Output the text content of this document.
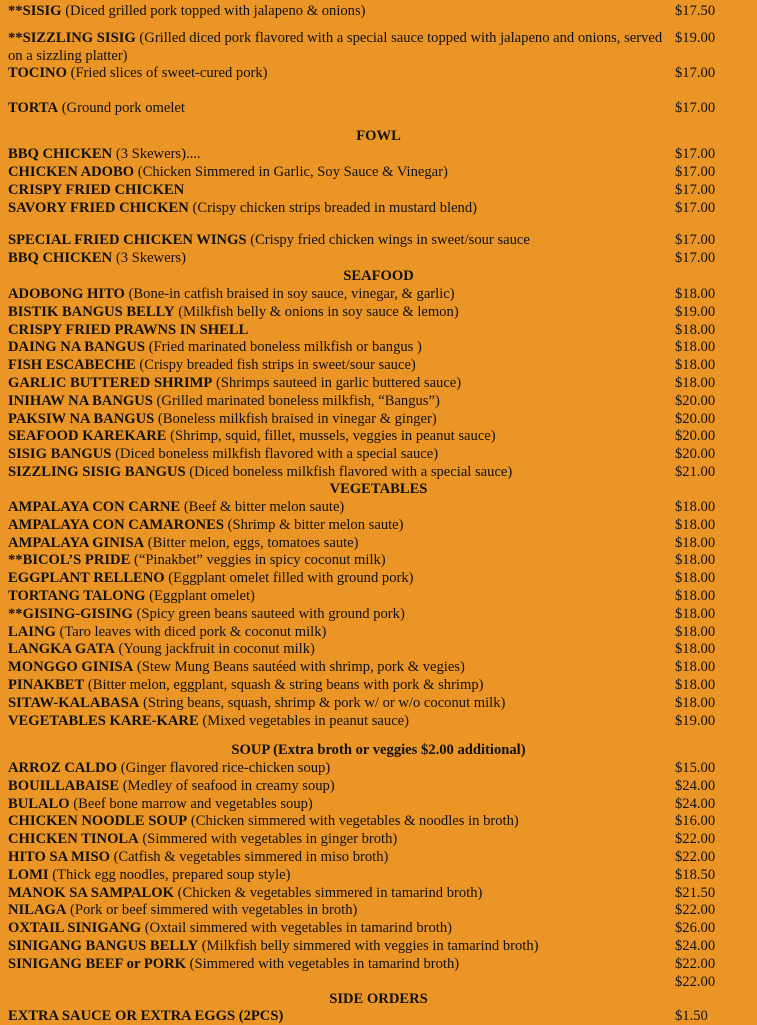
**SISIG (Diced grilled pork topped with jalapeno & onions)	$17.50
**SIZZLING SISIG (Grilled diced pork flavored with a special sauce topped with jalapeno and onions, served on a sizzling platter)
$19.00
TOCINO (Fried slices of sweet-cured pork)	$17.00
TORTA (Ground pork omelet	$17.00
FOWL
BBQ CHICKEN (3 Skewers)....	$17.00
CHICKEN ADOBO (Chicken Simmered in Garlic, Soy Sauce & Vinegar)	$17.00
CRISPY FRIED CHICKEN	$17.00
SAVORY FRIED CHICKEN (Crispy chicken strips breaded in mustard blend)	$17.00
SPECIAL FRIED CHICKEN WINGS (Crispy fried chicken wings in sweet/sour sauce	$17.00
BBQ CHICKEN (3 Skewers)	$17.00
SEAFOOD
ADOBONG HITO (Bone-in catfish braised in soy sauce, vinegar, & garlic)	$18.00
BISTIK BANGUS BELLY (Milkfish belly & onions in soy sauce & lemon)	$19.00
CRISPY FRIED PRAWNS IN SHELL	$18.00
DAING NA BANGUS (Fried marinated boneless milkfish or bangus )	$18.00
FISH ESCABECHE (Crispy breaded fish strips in sweet/sour sauce)	$18.00
GARLIC BUTTERED SHRIMP (Shrimps sauteed in garlic buttered sauce)	$18.00
INIHAW NA BANGUS (Grilled marinated boneless milkfish, “Bangus”)	$20.00
PAKSIW NA BANGUS (Boneless milkfish braised in vinegar & ginger)	$20.00
SEAFOOD KAREKARE (Shrimp, squid, fillet, mussels, veggies in peanut sauce)	$20.00
SISIG BANGUS (Diced boneless milkfish flavored with a special sauce)	$20.00
SIZZLING SISIG BANGUS (Diced boneless milkfish flavored with a special sauce)	$21.00
VEGETABLES
AMPALAYA CON CARNE (Beef & bitter melon saute)	$18.00
AMPALAYA CON CAMARONES (Shrimp & bitter melon saute)	$18.00
AMPALAYA GINISA (Bitter melon, eggs, tomatoes saute)	$18.00
**BICOL’S PRIDE (“Pinakbet” veggies in spicy coconut milk)	$18.00
EGGPLANT RELLENO (Eggplant omelet filled with ground pork)	$18.00
TORTANG TALONG (Eggplant omelet)	$18.00
**GISING-GISING (Spicy green beans sauteed with ground pork)	$18.00
LAING (Taro leaves with diced pork & coconut milk)	$18.00
LANGKA GATA (Young jackfruit in coconut milk)	$18.00
MONGGO GINISA (Stew Mung Beans sautéed with shrimp, pork & vegies)	$18.00
PINAKBET (Bitter melon, eggplant, squash & string beans with pork & shrimp)	$18.00
SITAW-KALABASA (String beans, squash, shrimp & pork w/ or w/o coconut milk)	$18.00
VEGETABLES KARE-KARE (Mixed vegetables in peanut sauce)	$19.00
SOUP (Extra broth or veggies $2.00 additional)
ARROZ CALDO (Ginger flavored rice-chicken soup)	$15.00
BOUILLABAISE (Medley of seafood in creamy soup)	$24.00
BULALO (Beef bone marrow and vegetables soup)	$24.00
CHICKEN NOODLE SOUP (Chicken simmered with vegetables & noodles in broth)	$16.00
CHICKEN TINOLA (Simmered with vegetables in ginger broth)	$22.00
HITO SA MISO (Catfish & vegetables simmered in miso broth)	$22.00
LOMI (Thick egg noodles, prepared soup style)	$18.50
MANOK SA SAMPALOK (Chicken & vegetables simmered in tamarind broth)	$21.50
NILAGA (Pork or beef simmered with vegetables in broth)	$22.00
OXTAIL SINIGANG (Oxtail simmered with vegetables in tamarind broth)	$26.00
SINIGANG BANGUS BELLY (Milkfish belly simmered with veggies in tamarind broth)	$24.00
SINIGANG BEEF or PORK (Simmered with vegetables in tamarind broth)	$22.00
$22.00
SIDE ORDERS
EXTRA SAUCE OR EXTRA EGGS (2PCS)	$1.50
